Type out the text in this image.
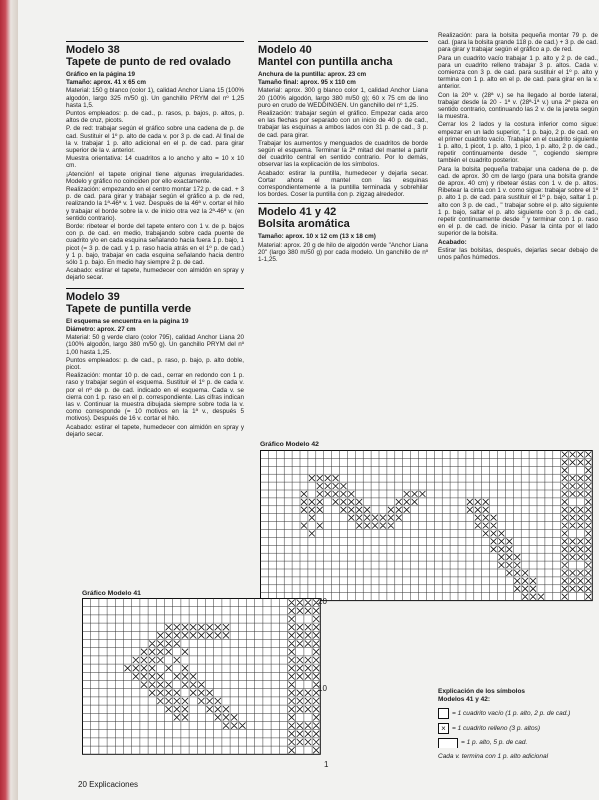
Modelo 38
Tapete de punto de red ovalado

Gráfico en la página 19

Tamaño: aprox. 41 x 65 cm

Material: 150 g blanco (color 1), calidad Anchor Liana 15 (100% algodón, largo 325 m/50 g). Un ganchillo PRYM del nº 1,25 hasta 1,5.

Puntos empleados: p. de cad., p. rasos, p. bajos, p. altos, p. altos de cruz, picots.

P. de red: trabajar según el gráfico sobre una cadena de p. de cad. Sustituir el 1º p. alto de cada v. por 3 p. de cad. Al final de la v. trabajar 1 p. alto adicional en el p. de cad. para girar superior de la v. anterior.

Muestra orientativa: 14 cuadritos a lo ancho y alto = 10 x 10 cm.

¡Atención! el tapete original tiene algunas irregularidades. Modelo y gráfico no coinciden por ello exactamente.

Realización: empezando en el centro montar 172 p. de cad. + 3 p. de cad. para girar y trabajar según el gráfico a p. de red, realizando la 1ª-46ª v. 1 vez. Después de la 46ª v. cortar el hilo y trabajar el borde sobre la v. de inicio otra vez la 2ª-46ª v. (en sentido contrario).

Borde: ribetear el borde del tapete entero con 1 v. de p. bajos con p. de cad. en medio, trabajando sobre cada puente de cuadrito y/o en cada esquina señalando hacia fuera 1 p. bajo, 1 picot (= 3 p. de cad. y 1 p. raso hacia atrás en el 1º p. de cad.) y 1 p. bajo, trabajar en cada esquina señalando hacia dentro sólo 1 p. bajo. En medio hay siempre 2 p. de cad.

Acabado: estirar el tapete, humedecer con almidón en spray y dejarlo secar.

Modelo 39
Tapete de puntilla verde

El esquema se encuentra en la página 19

Diámetro: aprox. 27 cm

Material: 50 g verde claro (color 795), calidad Anchor Liana 20 (100% algodón, largo 380 m/50 g). Un ganchillo PRYM del nº 1,00 hasta 1,25.

Puntos empleados: p. de cad., p. raso, p. bajo, p. alto doble, picot.

Realización: montar 10 p. de cad., cerrar en redondo con 1 p. raso y trabajar según el esquema. Sustituir el 1º p. de cada v. por el nº de p. de cad. indicado en el esquema. Cada v. se cierra con 1 p. raso en el p. correspondiente. Las cifras indican las v. Continuar la muestra dibujada siempre sobre toda la v. como corresponde (= 10 motivos en la 1ª v., después 5 motivos). Después de 16 v. cortar el hilo.

Acabado: estirar el tapete, humedecer con almidón en spray y dejarlo secar.

Modelo 40
Mantel con puntilla ancha

Anchura de la puntilla: aprox. 23 cm

Tamaño final: aprox. 95 x 110 cm

Material: aprox. 300 g blanco color 1, calidad Anchor Liana 20 (100% algodón, largo 380 m/50 g); 60 x 75 cm de lino puro en crudo de WEDDINGEN. Un ganchillo del nº 1,25.

Realización: trabajar según el gráfico. Empezar cada arco en las flechas por separado con un inicio de 40 p. de cad., trabajar las esquinas a ambos lados con 31 p. de cad., 3 p. de cad. para girar.

Trabajar los aumentos y menguados de cuadritos de borde según el esquema. Terminar la 2ª mitad del mantel a partir del cuadrito central en sentido contrario. Por lo demás, observar las la explicación de los símbolos.

Acabado: estirar la puntilla, humedecer y dejarla secar. Cortar ahora el mantel con las esquinas correspondientemente a la puntilla terminada y sobrehilar los bordes. Coser la puntilla con p. zigzag alrededor.

Modelo 41 y 42
Bolsita aromática

Tamaño: aprox. 10 x 12 cm (13 x 18 cm)

Material: aprox. 20 g de hilo de algodón verde "Anchor Liana 20" (largo 380 m/50 g) por cada modelo. Un ganchillo de nº 1-1,25.

Realización: para la bolsita pequeña montar 79 p. de cad. (para la bolsita grande 118 p. de cad.) + 3 p. de cad. para girar y trabajar según el gráfico a p. de red.

Para un cuadrito vacío trabajar 1 p. alto y 2 p. de cad., para un cuadrito relleno trabajar 3 p. altos. Cada v. comienza con 3 p. de cad. para sustituir el 1º p. alto y termina con 1 p. alto en el p. de cad. para girar en la v. anterior.

Con la 20ª v. (28ª v.) se ha llegado al borde lateral, trabajar desde la 20 - 1ª v. (28ª-1ª v.) una 2ª pieza en sentido contrario, continuando las 2 v. de la jareta según la muestra.

Cerrar los 2 lados y la costura inferior como sigue: empezar en un lado superior, " 1 p. bajo, 2 p. de cad. en el primer cuadrito vacío. Trabajar en el cuadrito siguiente 1 p. alto, 1 picot, 1 p. alto, 1 pico, 1 p. alto, 2 p. de cad., repetir continuamente desde ", cogiendo siempre también el cuadrito posterior.

Para la bolsita pequeña trabajar una cadena de p. de cad. de aprox. 30 cm de largo (para una bolsita grande de aprox. 40 cm) y ribetear éstas con 1 v. de p. altos. Ribetear la cinta con 1 v. como sigue: trabajar sobre el 1º p. alto 1 p. de cad. para sustituir el 1º p. bajo, saltar 1 p. alto con 3 p. de cad., " trabajar sobre el p. alto siguiente 1 p. bajo, saltar el p. alto siguiente con 3 p. de cad., repetir continuamente desde " y terminar con 1 p. raso en el p. de cad. de inicio. Pasar la cinta por el lado superior de la bolsita.

Acabado:

Estirar las bolsitas, después, dejarlas secar debajo de unos paños húmedos.

Gráfico Modelo 42
Gráfico Modelo 41
20
10
1
Explicación de los símbolos
Modelos 41 y 42:
= 1 cuadrito vacío (1 p. alto, 2 p. de cad.)
× = 1 cuadrito relleno (3 p. altos)
= 1 p. alto, 5 p. de cad.
Cada v. termina con 1 p. alto adicional
20 Explicaciones
